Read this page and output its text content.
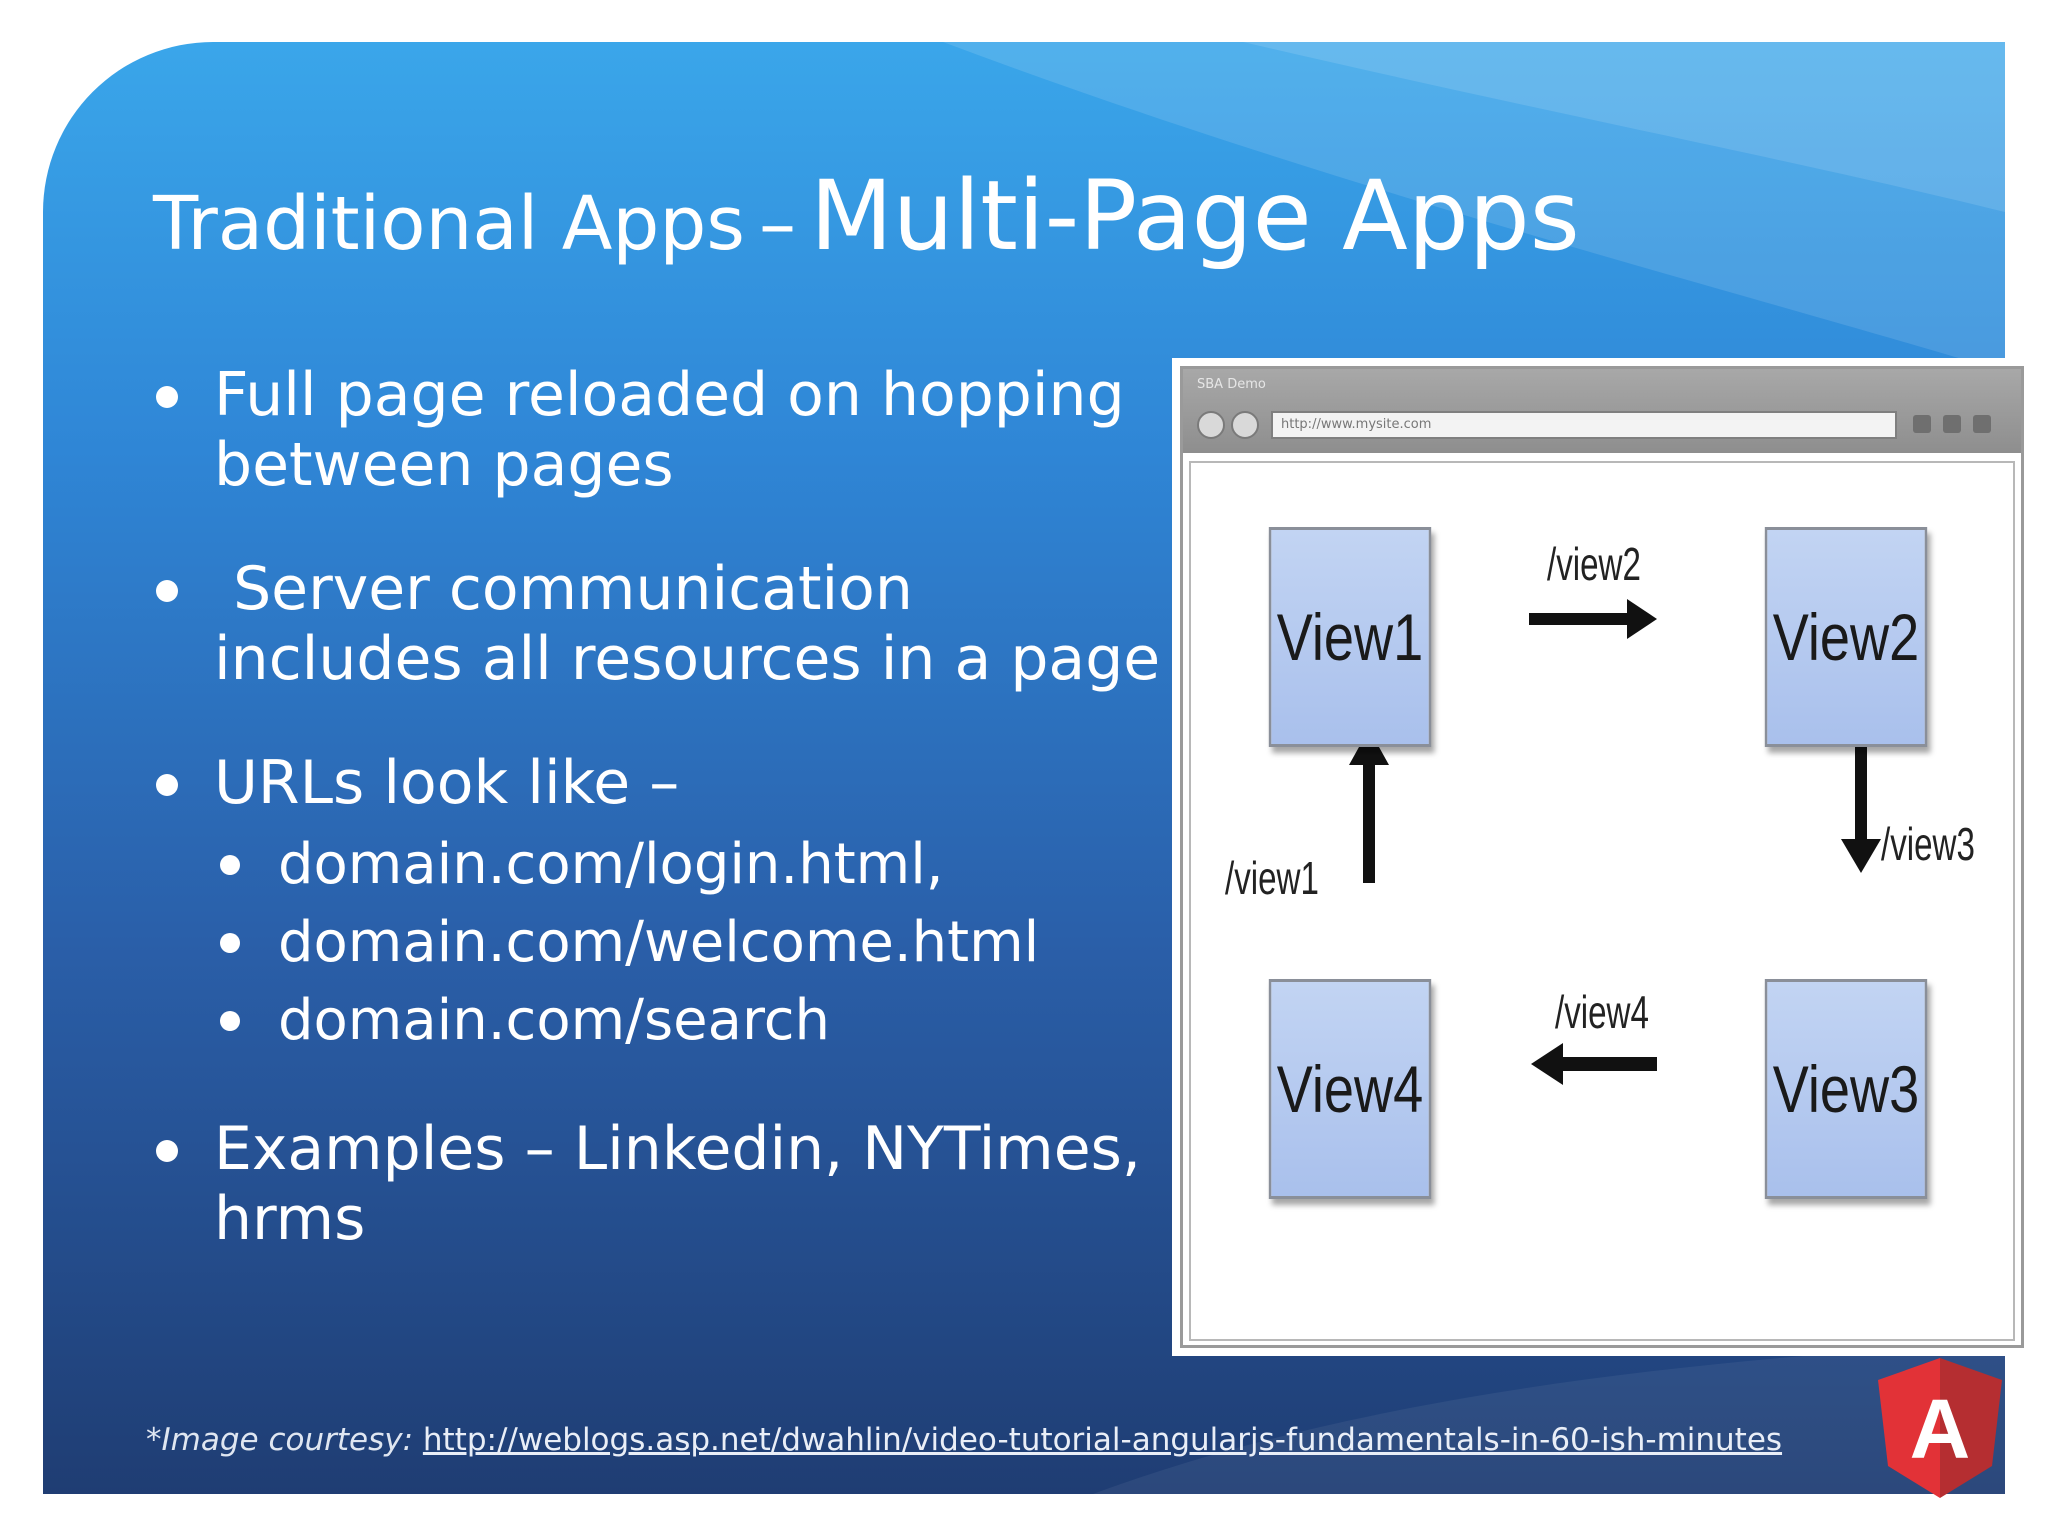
Traditional Apps – Multi-Page Apps
Full page reloaded on hopping between pages
Server communication includes all resources in a page
URLs look like –
domain.com/login.html,
domain.com/welcome.html
domain.com/search
Examples – Linkedin, NYTimes, hrms
SBA Demo
http://www.mysite.com
View1	View2
View3
View4
/view2
/view3
/view4
/view1
A
*Image courtesy: http://weblogs.asp.net/dwahlin/video-tutorial-angularjs-fundamentals-in-60-ish-minutes
